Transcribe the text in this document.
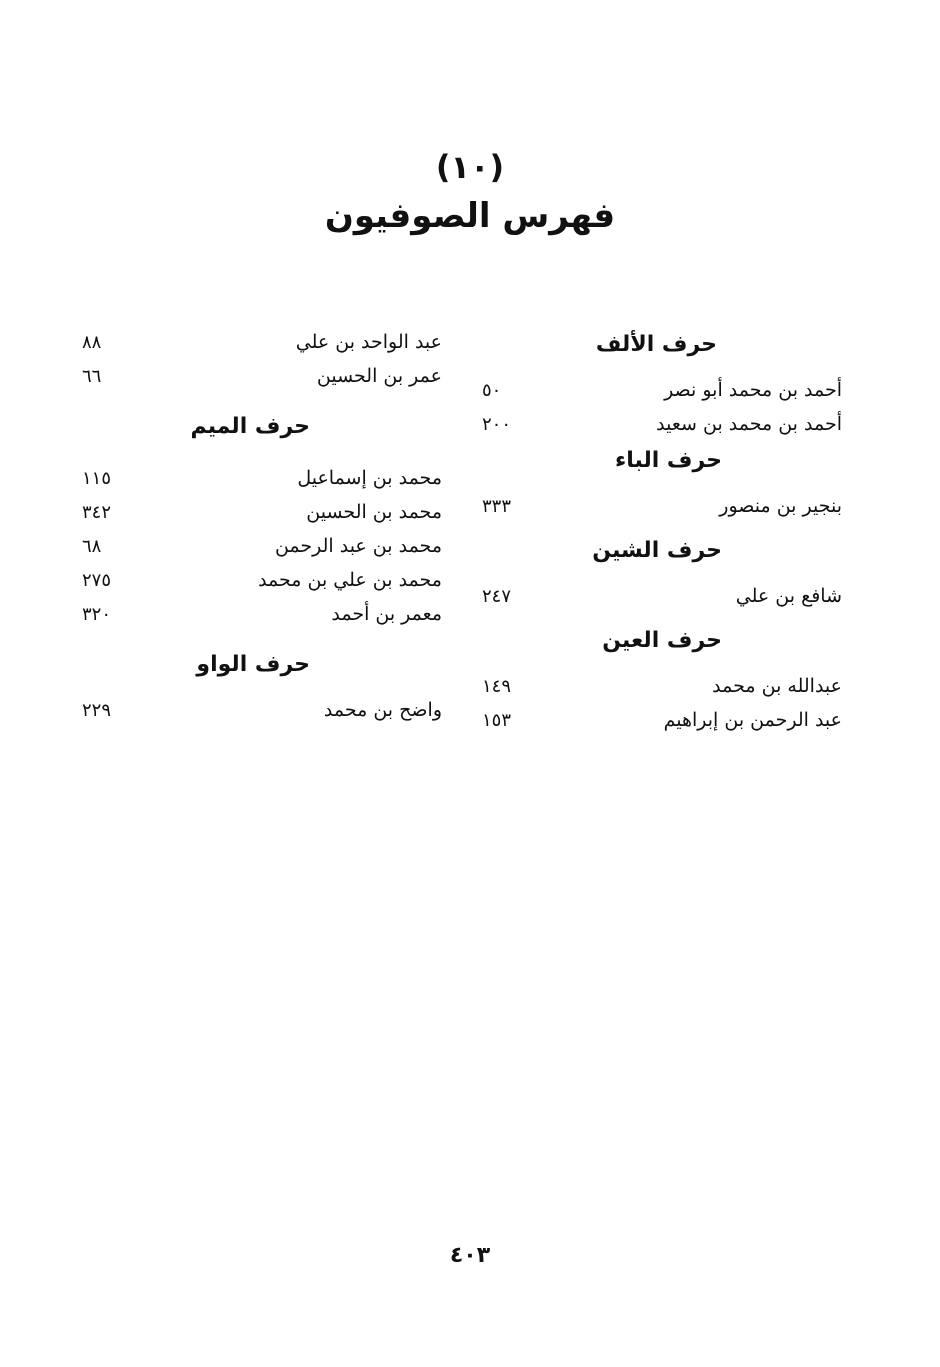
(١٠)
فهرس الصوفيون
حرف الألف
أحمد بن محمد أبو نصر
٥٠
أحمد بن محمد بن سعيد
٢٠٠
حرف الباء
بنجير بن منصور
٣٣٣
حرف الشين
شافع بن علي
٢٤٧
حرف العين
عبدالله بن محمد
١٤٩
عبد الرحمن بن إبراهيم
١٥٣
عبد الواحد بن علي
٨٨
عمر بن الحسين
٦٦
حرف الميم
محمد بن إسماعيل
١١٥
محمد بن الحسين
٣٤٢
محمد بن عبد الرحمن
٦٨
محمد بن علي بن محمد
٢٧٥
معمر بن أحمد
٣٢٠
حرف الواو
واضح بن محمد
٢٢٩
٤٠٣
